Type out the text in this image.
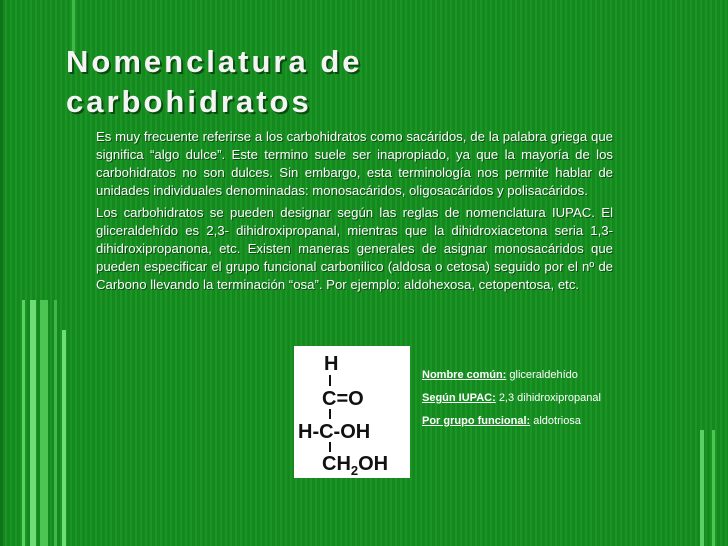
Nomenclatura de
carbohidratos

Es muy frecuente referirse a los carbohidratos como sacáridos, de la palabra griega que significa “algo dulce”. Este termino suele ser inapropiado, ya que la mayoría de los carbohidratos no son dulces. Sin embargo, esta terminología nos permite hablar de unidades individuales denominadas: monosacáridos, oligosacáridos y polisacáridos.

Los carbohidratos se pueden designar según las reglas de nomenclatura IUPAC. El gliceraldehído es 2,3- dihidroxipropanal, mientras que la dihidroxiacetona seria 1,3- dihidroxipropanona, etc. Existen maneras generales de asignar monosacáridos que pueden especificar el grupo funcional carbonilico (aldosa o cetosa) seguido por el nº de Carbono llevando la terminación “osa”. Por ejemplo: aldohexosa, cetopentosa, etc.

H
C=O
H-C-OH
$CH_2OH$
Nombre común: gliceraldehído
Según IUPAC: 2,3 dihidroxipropanal
Por grupo funcional: aldotriosa
